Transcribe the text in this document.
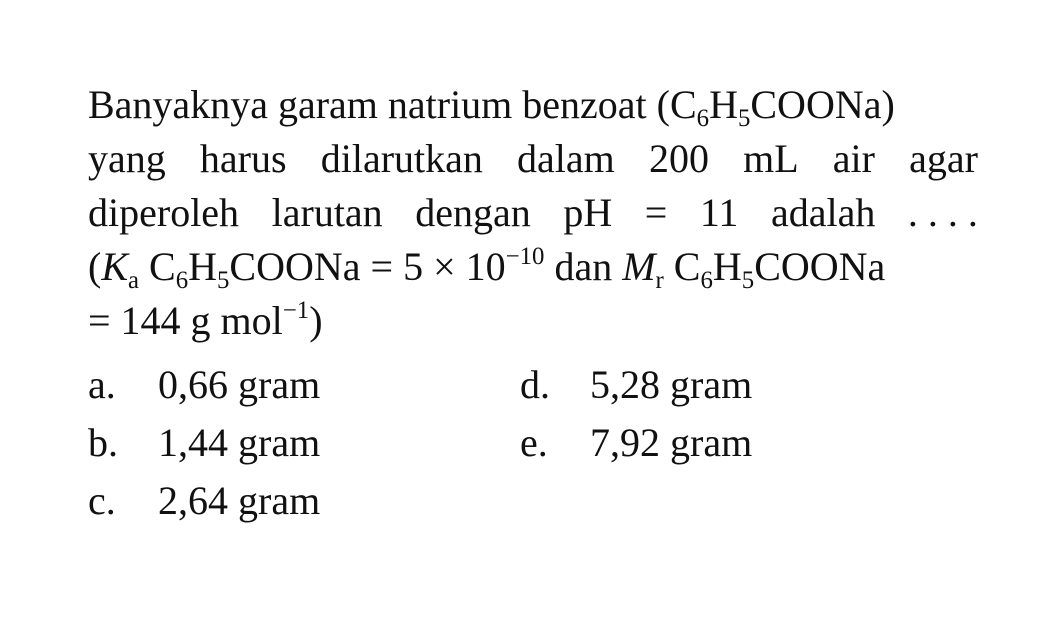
Banyaknya garam natrium benzoat $(C_6H_5COONa)$
yang harus dilarutkan dalam 200 mL air agar
diperoleh larutan dengan pH = 11 adalah . . . .
($K_a$ $C_6H_5COONa = 5 \times 10^{-10}$ dan $M_r$ $C_6H_5COONa$
= 144 g mol$^{-1}$)
a. 0,66 gram
b. 1,44 gram
c. 2,64 gram
d. 5,28 gram
e. 7,92 gram
